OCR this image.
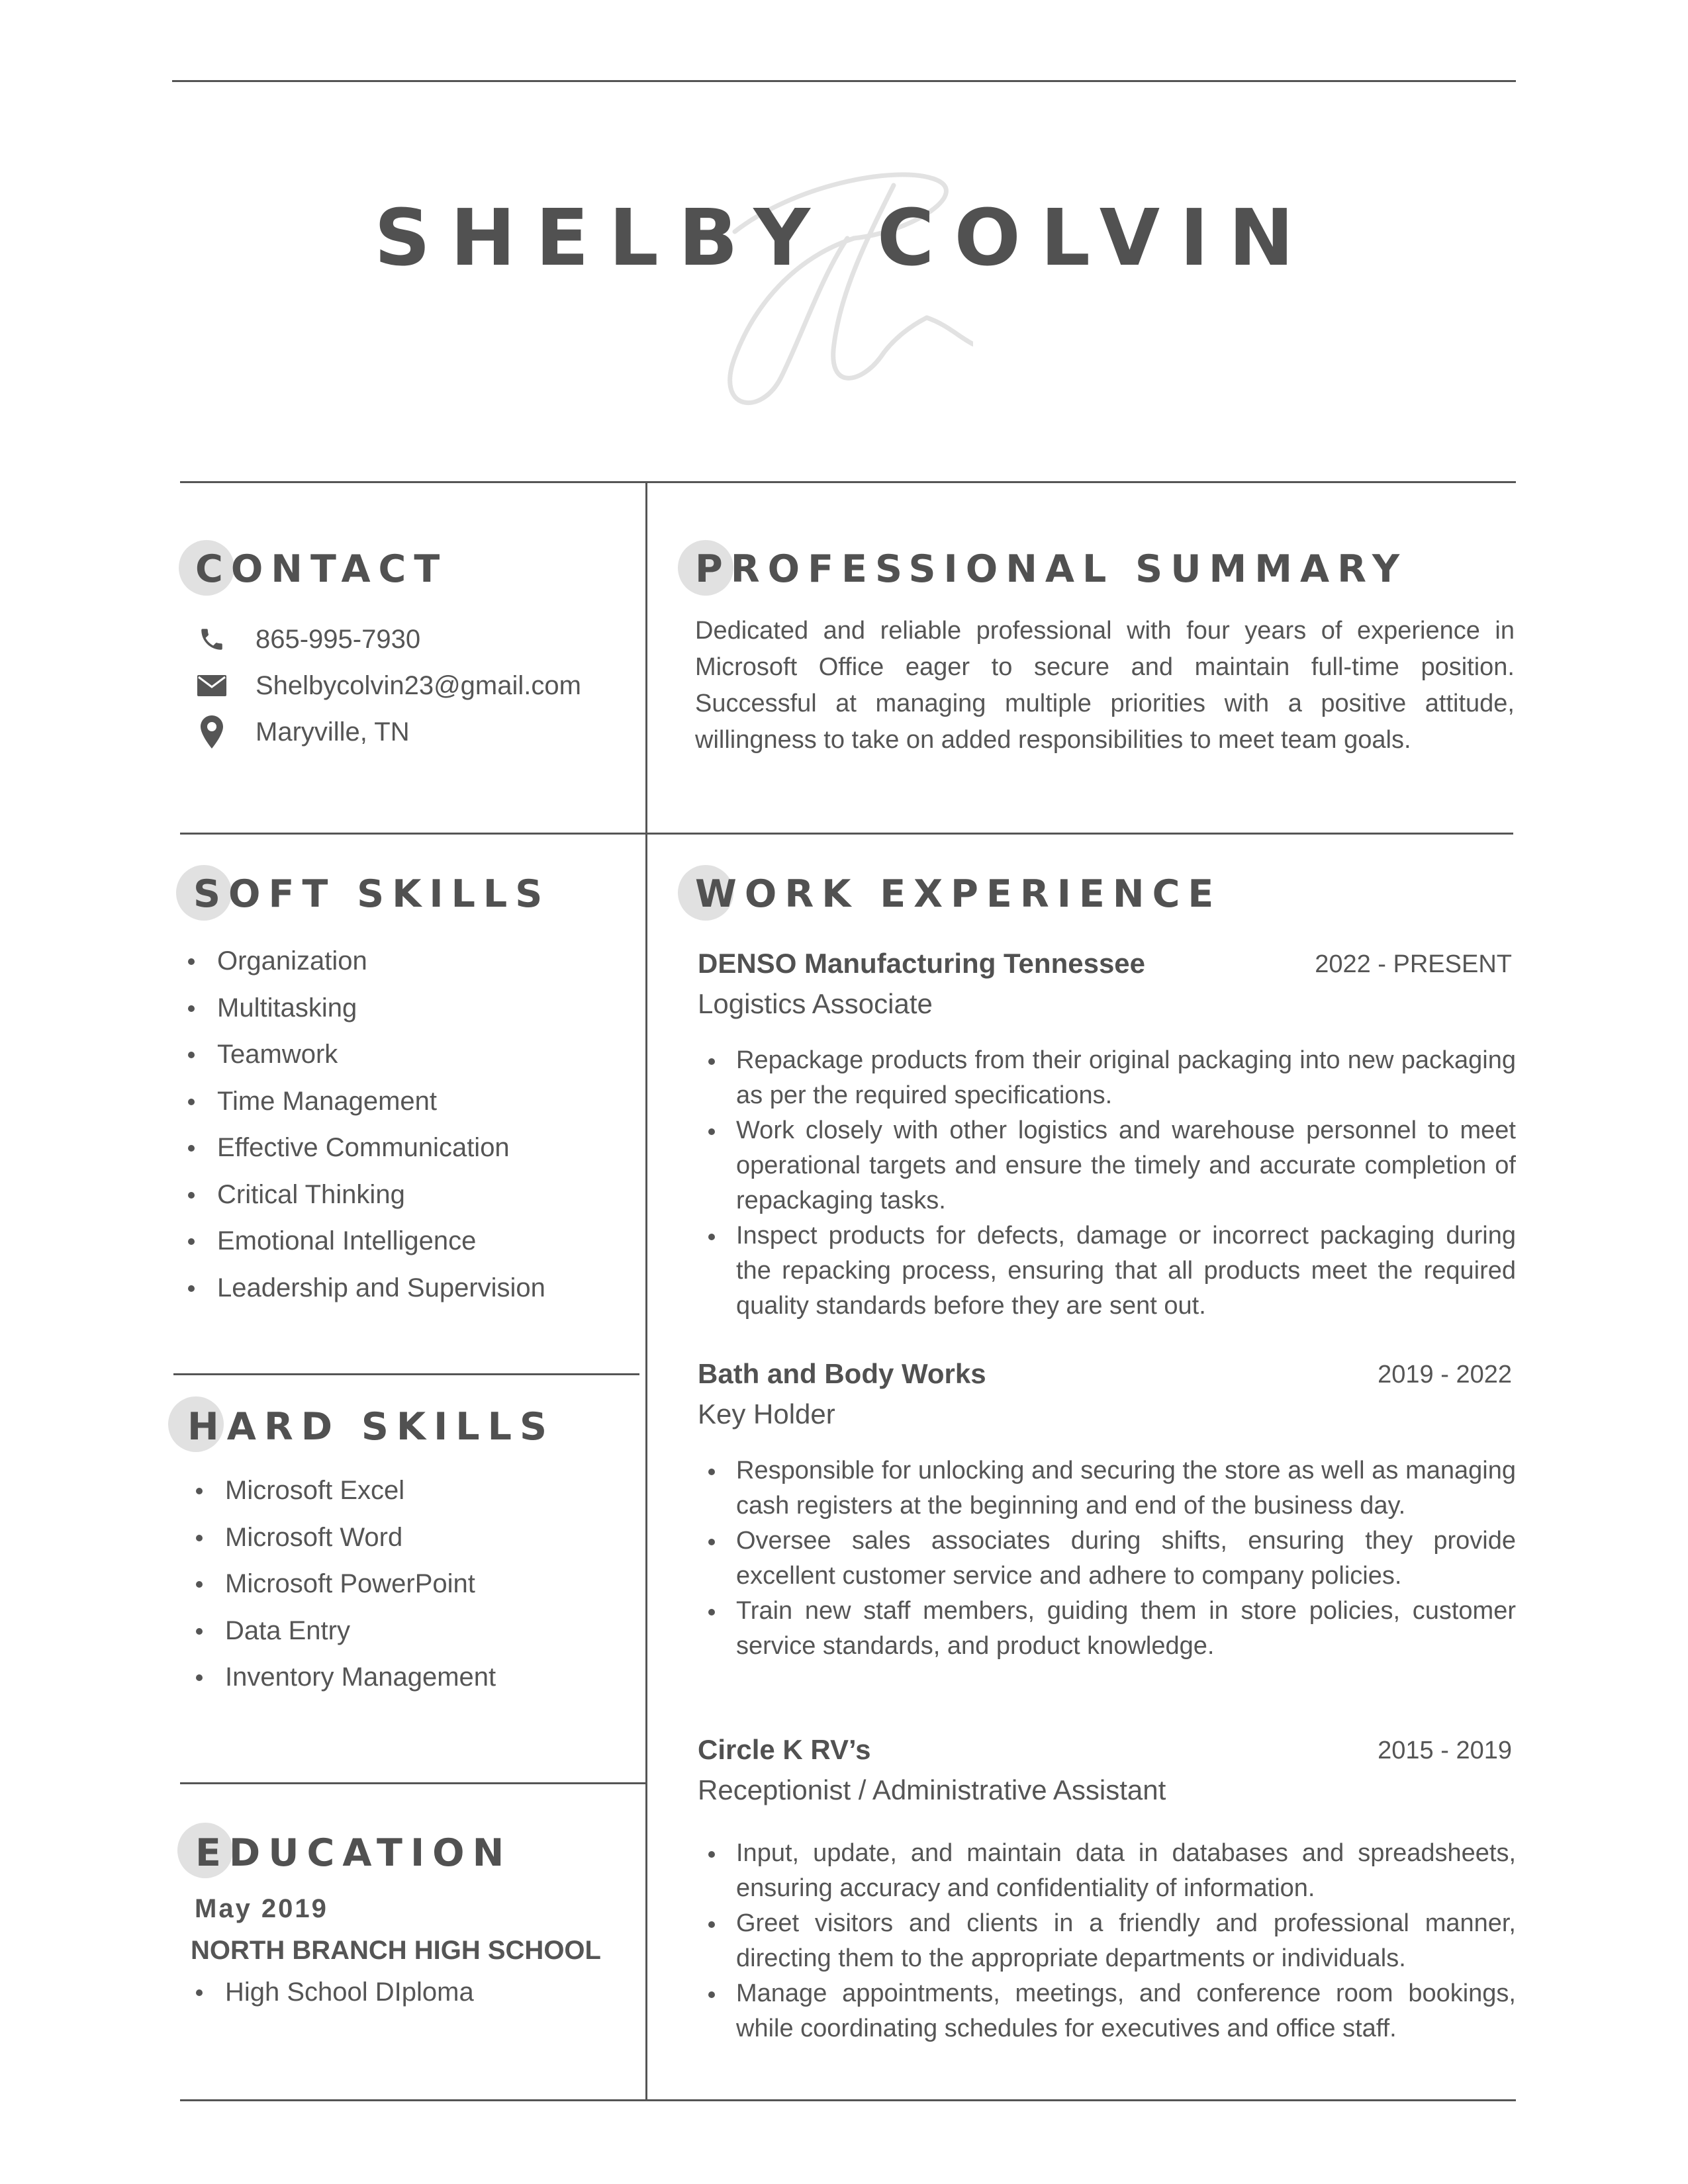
SHELBY COLVIN
CONTACT
865-995-7930
Shelbycolvin23@gmail.com
Maryville, TN
PROFESSIONAL SUMMARY
Dedicated and reliable professional with four years of experience in Microsoft Office eager to secure and maintain full-time position. Successful at managing multiple priorities with a positive attitude, willingness to take on added responsibilities to meet team goals.
SOFT SKILLS
Organization
Multitasking
Teamwork
Time Management
Effective Communication
Critical Thinking
Emotional Intelligence
Leadership and Supervision
HARD SKILLS
Microsoft Excel
Microsoft Word
Microsoft PowerPoint
Data Entry
Inventory Management
EDUCATION
May 2019
NORTH BRANCH HIGH SCHOOL
High School DIploma
WORK EXPERIENCE
DENSO Manufacturing Tennessee	2022 - PRESENT
Logistics Associate
Repackage products from their original packaging into new packaging as per the required specifications.
Work closely with other logistics and warehouse personnel to meet operational targets and ensure the timely and accurate completion of repackaging tasks.
Inspect products for defects, damage or incorrect packaging during the repacking process, ensuring that all products meet the required quality standards before they are sent out.
Bath and Body Works	2019 - 2022
Key Holder
Responsible for unlocking and securing the store as well as managing cash registers at the beginning and end of the business day.
Oversee sales associates during shifts, ensuring they provide excellent customer service and adhere to company policies.
Train new staff members, guiding them in store policies, customer service standards, and product knowledge.
Circle K RV’s	2015 - 2019
Receptionist / Administrative Assistant
Input, update, and maintain data in databases and spreadsheets, ensuring accuracy and confidentiality of information.
Greet visitors and clients in a friendly and professional manner, directing them to the appropriate departments or individuals.
Manage appointments, meetings, and conference room bookings, while coordinating schedules for executives and office staff.
